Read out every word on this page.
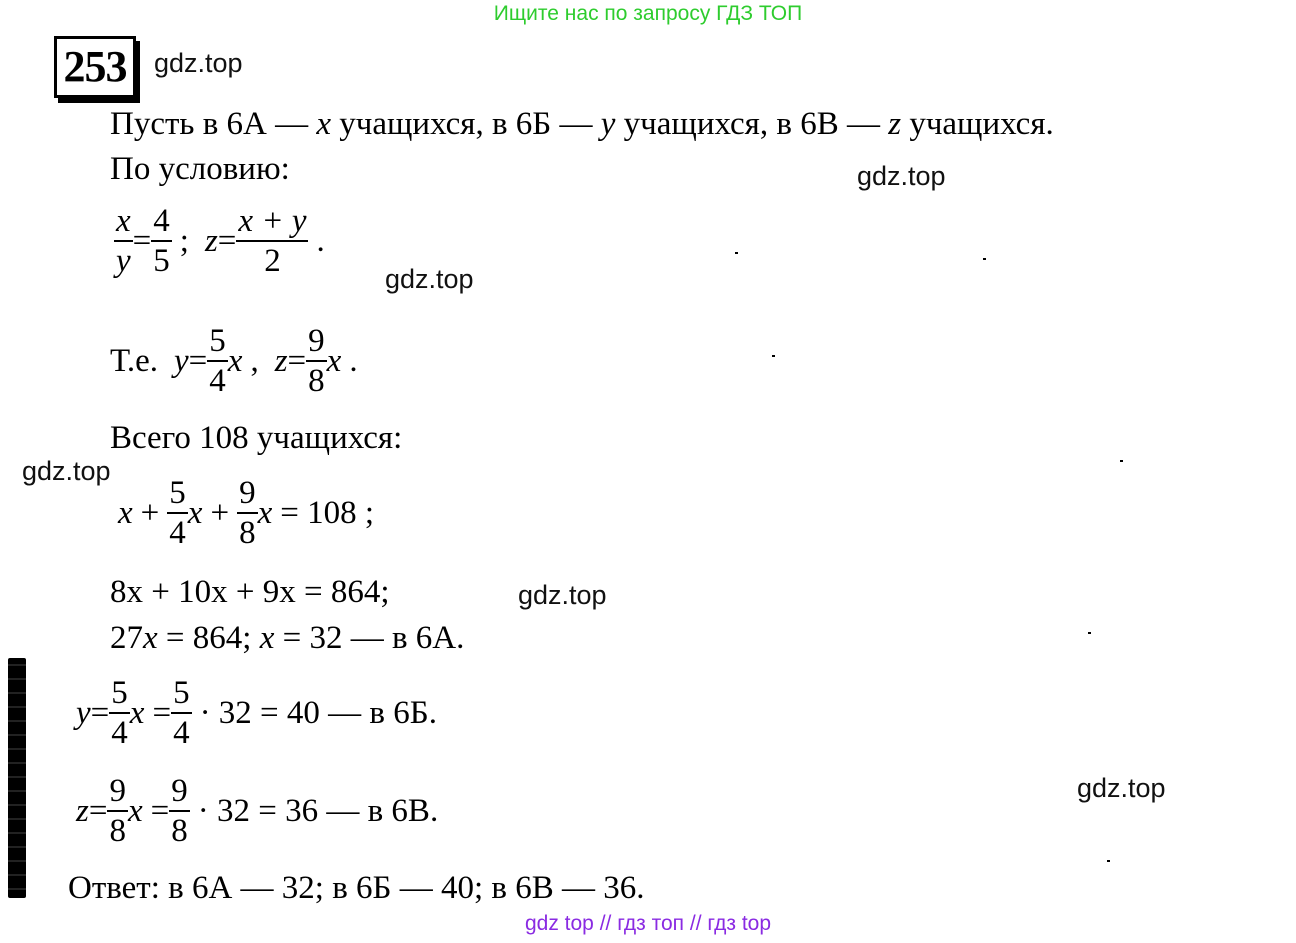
Ищите нас по запросу ГДЗ ТОП
gdz top // гдз топ // гдз top
253	gdz.top
gdz.top
gdz.top
gdz.top
gdz.top
gdz.top
Пусть в 6А — x учащихся, в 6Б — y учащихся, в 6В — z учащихся.
По условию:
$\frac{x}{y} = \frac{4}{5}$ ; $z = \frac{x + y}{2}$ .
Т.е. $y = \frac{5}{4}$ x , $z = \frac{9}{8}$ x .
Всего 108 учащихся:
$x + \frac{5}{4}$ $x + \frac{9}{8}$ x = 108 ;
8x + 10x + 9x = 864;
27x = 864; x = 32 — в 6А.
$y = \frac{5}{4}$ $x = \frac{5}{4} \cdot 32 = 40$ — в 6Б.
$z = \frac{9}{8}$ $x = \frac{9}{8} \cdot 32 = 36$ — в 6В.
Ответ: в 6А — 32; в 6Б — 40; в 6В — 36.
